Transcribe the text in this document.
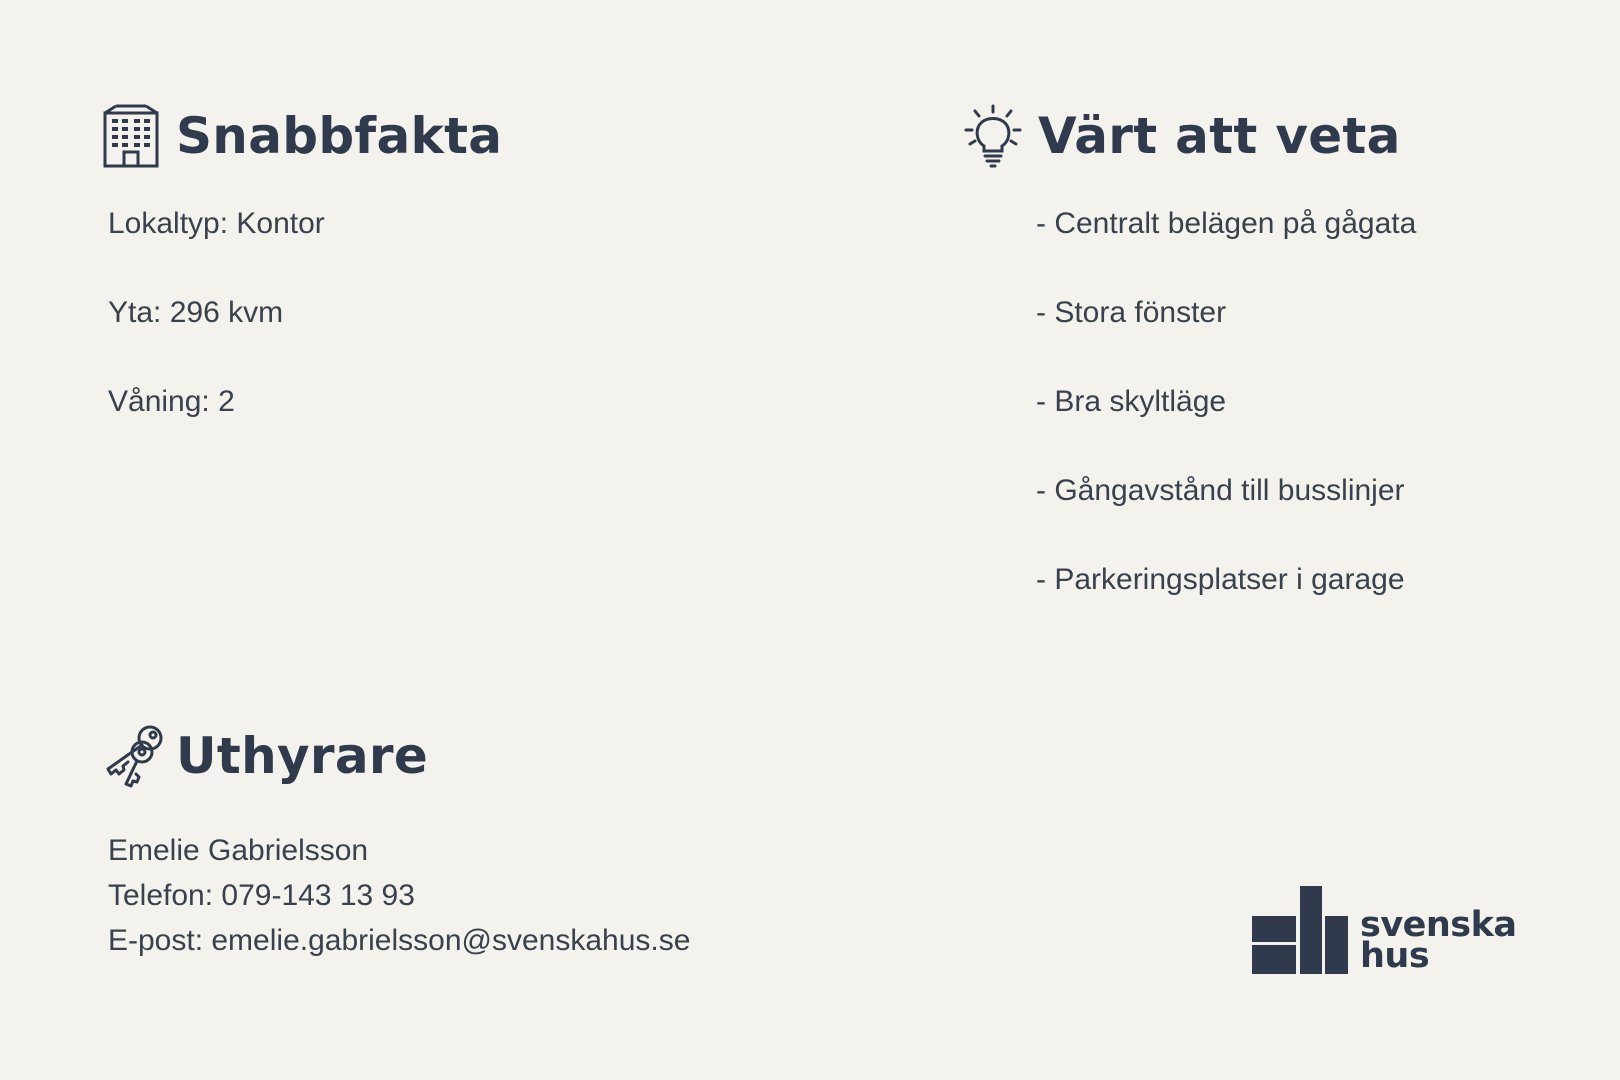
Snabbfakta
Lokaltyp: Kontor
Yta: 296 kvm
Våning: 2
Värt att veta
- Centralt belägen på gågata
- Stora fönster
- Bra skyltläge
- Gångavstånd till busslinjer
- Parkeringsplatser i garage
Uthyrare
Emelie Gabrielsson
Telefon: 079-143 13 93
E-post: emelie.gabrielsson@svenskahus.se	svenska
hus
